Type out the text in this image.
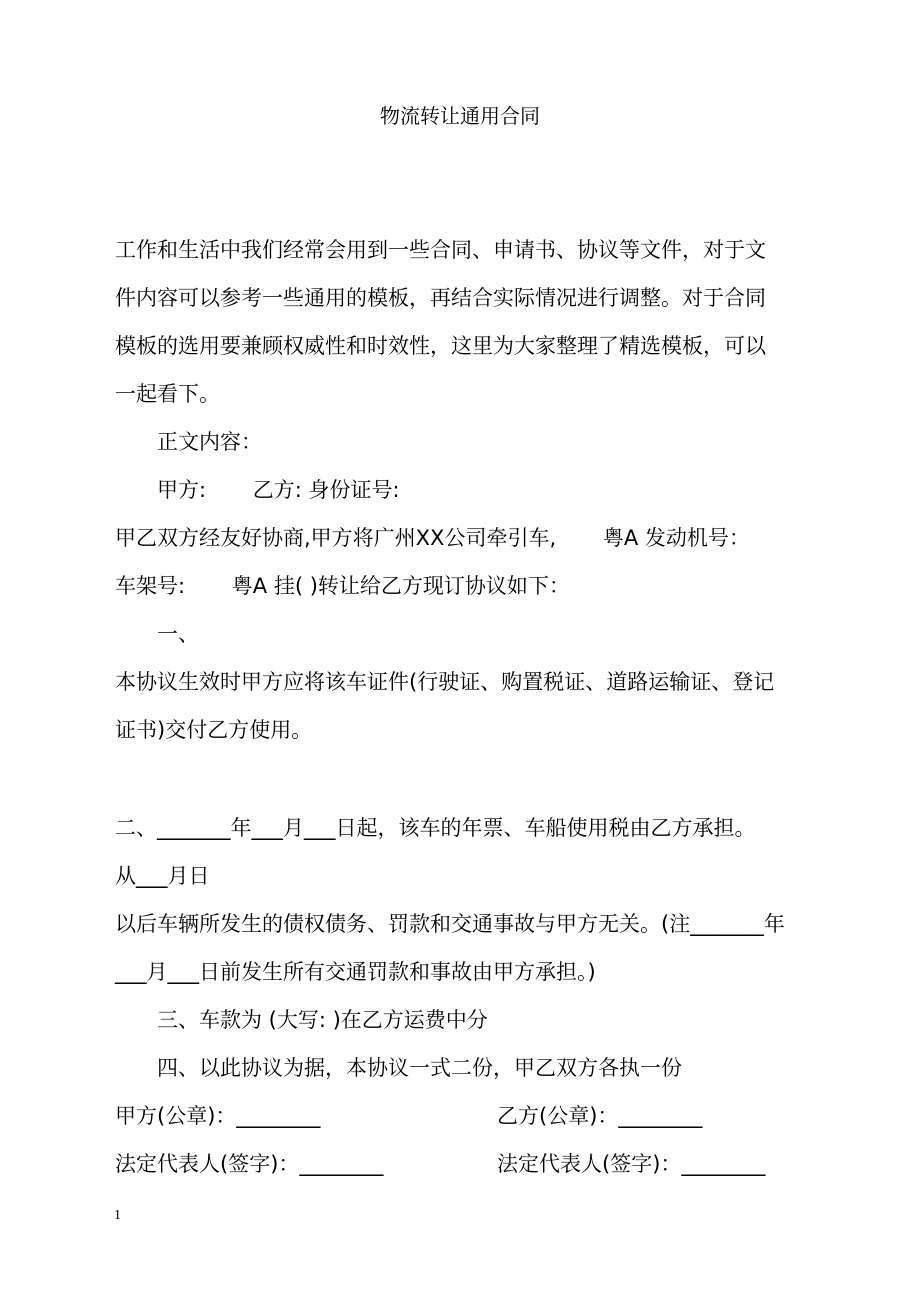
物流转让通用合同
工作和生活中我们经常会用到一些合同、申请书、协议等文件，对于文
件内容可以参考一些通用的模板，再结合实际情况进行调整。对于合同
模板的选用要兼顾权威性和时效性，这里为大家整理了精选模板，可以
一起看下。
正文内容：
甲方:       乙方: 身份证号:
甲乙双方经友好协商,甲方将广州XX公司牵引车,       粤A 发动机号：
车架号:       粤A 挂( )转让给乙方现订协议如下：
一、
本协议生效时甲方应将该车证件(行驶证、购置税证、道路运输证、登记
证书)交付乙方使用。
二、_______年___月___日起，该车的年票、车船使用税由乙方承担。
从___月日
以后车辆所发生的债权债务、罚款和交通事故与甲方无关。(注_______年
___月___日前发生所有交通罚款和事故由甲方承担。)
三、车款为 (大写: )在乙方运费中分
四、以此协议为据，本协议一式二份，甲乙双方各执一份
甲方(公章)：________	乙方(公章)：________
法定代表人(签字)：________	法定代表人(签字)：________
1
